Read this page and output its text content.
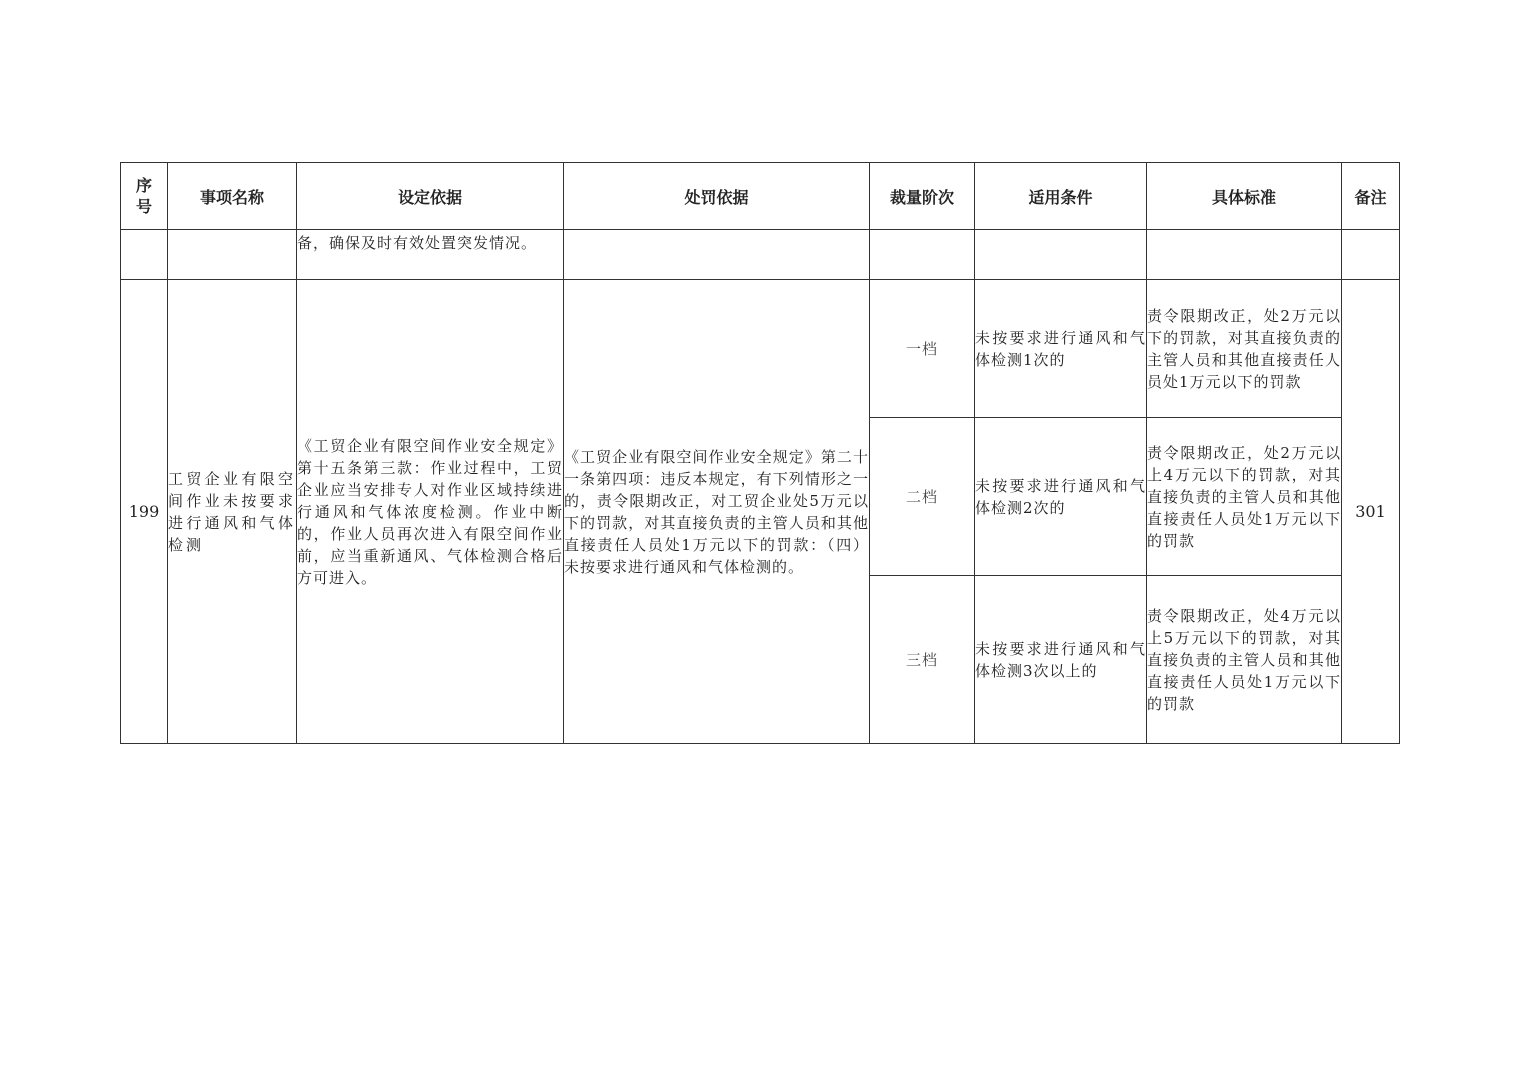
序号	事项名称	设定依据	处罚依据	裁量阶次	适用条件	具体标准	备注
		备，确保及时有效处置突发情况。					
199	工贸企业有限空间作业未按要求进行通风和气体检测	《工贸企业有限空间作业安全规定》第十五条第三款：作业过程中，工贸企业应当安排专人对作业区域持续进行通风和气体浓度检测。作业中断的，作业人员再次进入有限空间作业前，应当重新通风、气体检测合格后方可进入。	《工贸企业有限空间作业安全规定》第二十一条第四项：违反本规定，有下列情形之一的，责令限期改正，对工贸企业处5万元以下的罚款，对其直接负责的主管人员和其他直接责任人员处1万元以下的罚款：（四）未按要求进行通风和气体检测的。	一档	未按要求进行通风和气体检测1次的	责令限期改正，处2万元以下的罚款，对其直接负责的主管人员和其他直接责任人员处1万元以下的罚款	301
				二档	未按要求进行通风和气体检测2次的	责令限期改正，处2万元以上4万元以下的罚款，对其直接负责的主管人员和其他直接责任人员处1万元以下的罚款	
				三档	未按要求进行通风和气体检测3次以上的	责令限期改正，处4万元以上5万元以下的罚款，对其直接负责的主管人员和其他直接责任人员处1万元以下的罚款	
